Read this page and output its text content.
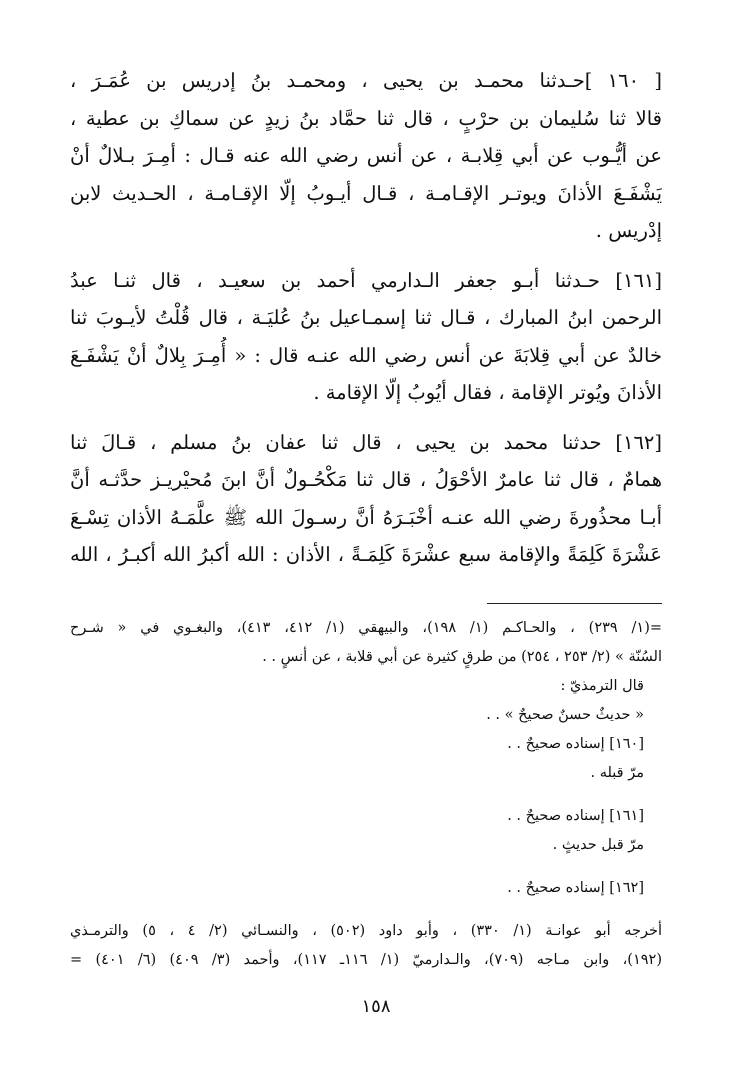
[ ١٦٠ ]حـدثنا محمـد بن يحيى ، ومحمـد بنُ إدريس بن عُمَـرَ ،
قالا ثنا سُليمان بن حرْبٍ ، قال ثنا حمَّاد بنُ زيدٍ عن سماكِ بن عطية ،
عن أيُّـوب عن أبي قِلابـة ، عن أنس رضي الله عنه قـال : أمِـرَ بـلالٌ أنْ
يَشْفَـعَ الأذانَ ويوتـر الإقـامـة ، قـال أيـوبُ إلّا الإقـامـة ، الحـديث لابن
إدْريس .
[١٦١] حـدثنا أبـو جعفر الـدارمي أحمد بن سعيـد ، قال ثنـا عبدُ
الرحمن ابنُ المبارك ، قـال ثنا إسمـاعيل بنُ عُليَـة ، قال قُلْتُ لأيـوبَ ثنا
خالدٌ عن أبي قِلابَةَ عن أنس رضي الله عنـه قال : « أُمِـرَ بِلالٌ أنْ يَشْفَـعَ
الأذانَ ويُوتر الإقامة ، فقال أيُوبُ إلّا الإقامة .
[١٦٢] حدثنا محمد بن يحيى ، قال ثنا عفان بنُ مسلم ، قـالَ ثنا
همامٌ ، قال ثنا عامرٌ الأحْوَلُ ، قال ثنا مَكْحُـولٌ أنَّ ابنَ مُحيْريـز حدَّثـه أنَّ
أبـا محذُورةَ رضي الله عنـه أخْبَـرَهُ أنَّ رسـولَ الله ﷺ علَّمَـهُ الأذان تِسْـعَ
عَشْرَةَ كَلِمَةً والإقامة سبع عشْرَةَ كَلِمَـةً ، الأذان : الله أكبرُ الله أكبـرُ ، الله
=(١/ ٢٣٩) ، والحـاكـم (١/ ١٩٨)، والبيهقي (١/ ٤١٢، ٤١٣)، والبغـوي في « شـرح
السُنّة » (٢/ ٢٥٣ ، ٢٥٤) من طرقٍ كثيرة عن أبي قلابة ، عن أنسٍ . .
قال الترمذيّ :
« حديثٌ حسنٌ صحيحٌ » . .
[١٦٠] إسناده صحيحٌ . .
مرّ قبله .
[١٦١] إسناده صحيحٌ . .
مرّ قبل حديثٍ .
[١٦٢] إسناده صحيحٌ . .
أخرجه أبو عوانـة (١/ ٣٣٠) ، وأبو داود (٥٠٢) ، والنسـائي (٢/ ٤ ، ٥) والترمـذي
(١٩٢)، وابن مـاجه (٧٠٩)، والـدارميّ (١/ ١١٦ـ ١١٧)، وأحمد (٣/ ٤٠٩) (٦/ ٤٠١) =
١٥٨
